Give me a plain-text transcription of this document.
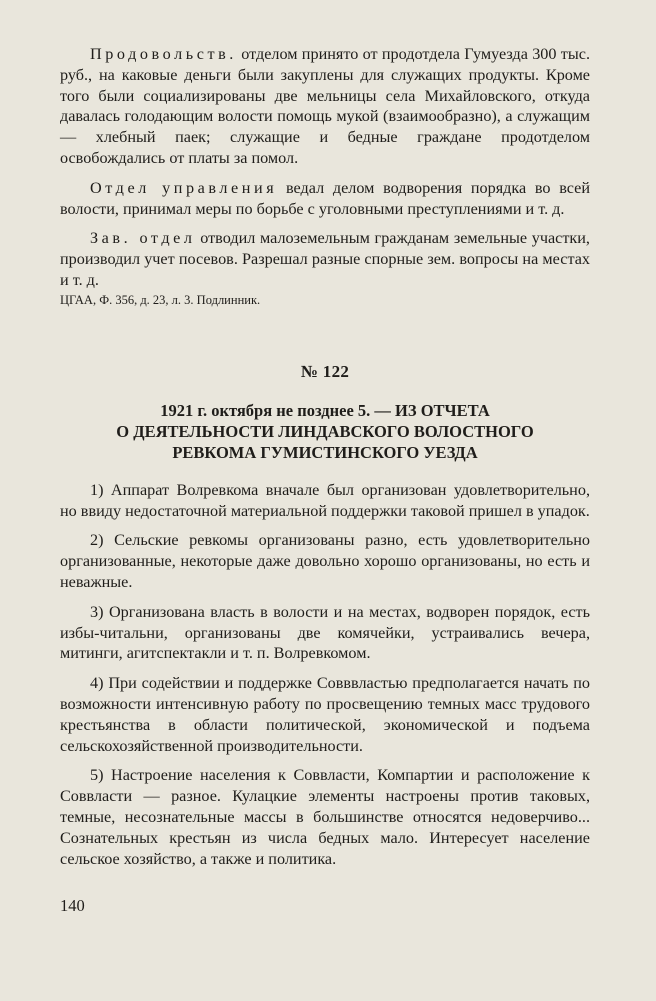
Продовольств. отделом принято от продотдела Гумуезда 300 тыс. руб., на каковые деньги были закуплены для служащих продукты. Кроме того были социализированы две мельницы села Михайловского, откуда давалась голодающим волости помощь мукой (взаимообразно), а служащим — хлебный паек; служащие и бедные граждане продотделом освобождались от платы за помол.

Отдел управления ведал делом водворения порядка во всей волости, принимал меры по борьбе с уголовными преступлениями и т. д.

Зав. отдел отводил малоземельным гражданам земельные участки, производил учет посевов. Разрешал разные спорные зем. вопросы на местах и т. д.

ЦГАА, Ф. 356, д. 23, л. 3. Подлинник.

№ 122
1921 г. октября не позднее 5. — ИЗ ОТЧЕТА
О ДЕЯТЕЛЬНОСТИ ЛИНДАВСКОГО ВОЛОСТНОГО
РЕВКОМА ГУМИСТИНСКОГО УЕЗДА

1) Аппарат Волревкома вначале был организован удовлетворительно, но ввиду недостаточной материальной поддержки таковой пришел в упадок.

2) Сельские ревкомы организованы разно, есть удовлетворительно организованные, некоторые даже довольно хорошо организованы, но есть и неважные.

3) Организована власть в волости и на местах, водворен порядок, есть избы-читальни, организованы две комячейки, устраивались вечера, митинги, агитспектакли и т. п. Волревкомом.

4) При содействии и поддержке Совввластью предполагается начать по возможности интенсивную работу по просвещению темных масс трудового крестьянства в области политической, экономической и подъема сельскохозяйственной производительности.

5) Настроение населения к Соввласти, Компартии и расположение к Соввласти — разное. Кулацкие элементы настроены против таковых, темные, несознательные массы в большинстве относятся недоверчиво... Сознательных крестьян из числа бедных мало. Интересует население сельское хозяйство, а также и политика.

140
